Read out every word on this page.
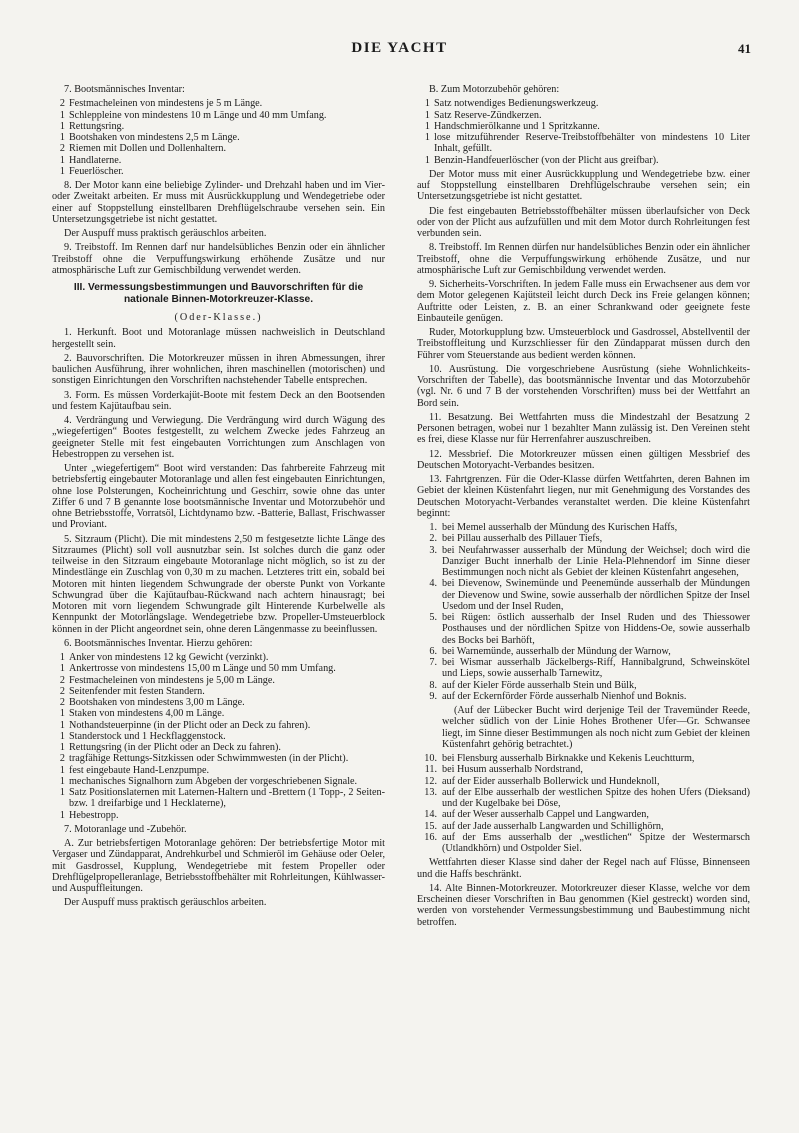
DIE YACHT	41

7. Bootsmännisches Inventar:

2 Festmacheleinen von mindestens je 5 m Länge.
1 Schleppleine von mindestens 10 m Länge und 40 mm Umfang.
1 Rettungsring.
1 Bootshaken von mindestens 2,5 m Länge.
2 Riemen mit Dollen und Dollenhaltern.
1 Handlaterne.
1 Feuerlöscher.

8. Der Motor kann eine beliebige Zylinder- und Drehzahl haben und im Vier- oder Zweitakt arbeiten. Er muss mit Ausrückkupplung und Wendegetriebe oder einer auf Stoppstellung einstellbaren Drehflügelschraube versehen sein. Ein Untersetzungsgetriebe ist nicht gestattet.

Der Auspuff muss praktisch geräuschlos arbeiten.

9. Treibstoff. Im Rennen darf nur handelsübliches Benzin oder ein ähnlicher Treibstoff ohne die Verpuffungswirkung erhöhende Zusätze und nur atmosphärische Luft zur Gemischbildung verwendet werden.

III. Vermessungsbestimmungen und Bauvorschriften für die nationale Binnen-Motorkreuzer-Klasse.

(Oder-Klasse.)

1. Herkunft. Boot und Motoranlage müssen nachweislich in Deutschland hergestellt sein.

2. Bauvorschriften. Die Motorkreuzer müssen in ihren Abmessungen, ihrer baulichen Ausführung, ihrer wohnlichen, ihren maschinellen (motorischen) und sonstigen Einrichtungen den Vorschriften nachstehender Tabelle entsprechen.

3. Form. Es müssen Vorderkajüt-Boote mit festem Deck an den Bootsenden und festem Kajütaufbau sein.

4. Verdrängung und Verwiegung. Die Verdrängung wird durch Wägung des „wiegefertigen“ Bootes festgestellt, zu welchem Zwecke jedes Fahrzeug an geeigneter Stelle mit fest eingebauten Vorrichtungen zum Anschlagen von Hebestroppen zu versehen ist.

Unter „wiegefertigem“ Boot wird verstanden: Das fahrbereite Fahrzeug mit betriebsfertig eingebauter Motoranlage und allen fest eingebauten Einrichtungen, ohne lose Polsterungen, Kocheinrichtung und Geschirr, sowie ohne das unter Ziffer 6 und 7 B genannte lose bootsmännische Inventar und Motorzubehör und ohne Betriebsstoffe, Vorratsöl, Lichtdynamo bzw. -Batterie, Ballast, Frischwasser und Proviant.

5. Sitzraum (Plicht). Die mit mindestens 2,50 m festgesetzte lichte Länge des Sitzraumes (Plicht) soll voll ausnutzbar sein. Ist solches durch die ganz oder teilweise in den Sitzraum eingebaute Motoranlage nicht möglich, so ist zu der Mindestlänge ein Zuschlag von 0,30 m zu machen. Letzteres tritt ein, sobald bei Motoren mit hinten liegendem Schwungrade der oberste Punkt von Vorkante Schwungrad über die Kajütaufbau-Rückwand nach achtern hinausragt; bei Motoren mit vorn liegendem Schwungrade gilt Hinterende Kurbelwelle als Kennpunkt der Motorlängslage. Wendegetriebe bzw. Propeller-Umsteuerblock können in der Plicht angeordnet sein, ohne deren Längenmasse zu beeinflussen.

6. Bootsmännisches Inventar. Hierzu gehören:

1 Anker von mindestens 12 kg Gewicht (verzinkt).
1 Ankertrosse von mindestens 15,00 m Länge und 50 mm Umfang.
2 Festmacheleinen von mindestens je 5,00 m Länge.
2 Seitenfender mit festen Standern.
2 Bootshaken von mindestens 3,00 m Länge.
1 Staken von mindestens 4,00 m Länge.
1 Nothandsteuerpinne (in der Plicht oder an Deck zu fahren).
1 Standerstock und 1 Heckflaggenstock.
1 Rettungsring (in der Plicht oder an Deck zu fahren).
2 tragfähige Rettungs-Sitzkissen oder Schwimmwesten (in der Plicht).
1 fest eingebaute Hand-Lenzpumpe.
1 mechanisches Signalhorn zum Abgeben der vorgeschriebenen Signale.
1 Satz Positionslaternen mit Laternen-Haltern und -Brettern (1 Topp-, 2 Seiten- bzw. 1 dreifarbige und 1 Hecklaterne),
1 Hebestropp.

7. Motoranlage und -Zubehör.

A. Zur betriebsfertigen Motoranlage gehören: Der betriebsfertige Motor mit Vergaser und Zündapparat, Andrehkurbel und Schmieröl im Gehäuse oder Oeler, mit Gasdrossel, Kupplung, Wendegetriebe mit festem Propeller oder Drehflügelpropelleranlage, Betriebsstoffbehälter mit Rohrleitungen, Kühlwasser- und Auspuffleitungen.

Der Auspuff muss praktisch geräuschlos arbeiten.

B. Zum Motorzubehör gehören:

1 Satz notwendiges Bedienungswerkzeug.
1 Satz Reserve-Zündkerzen.
1 Handschmierölkanne und 1 Spritzkanne.
1 lose mitzuführender Reserve-Treibstoffbehälter von mindestens 10 Liter Inhalt, gefüllt.
1 Benzin-Handfeuerlöscher (von der Plicht aus greifbar).

Der Motor muss mit einer Ausrückkupplung und Wendegetriebe bzw. einer auf Stoppstellung einstellbaren Drehflügelschraube versehen sein; ein Untersetzungsgetriebe ist nicht gestattet.

Die fest eingebauten Betriebsstoffbehälter müssen überlaufsicher von Deck oder von der Plicht aus aufzufüllen und mit dem Motor durch Rohrleitungen fest verbunden sein.

8. Treibstoff. Im Rennen dürfen nur handelsübliches Benzin oder ein ähnlicher Treibstoff, ohne die Verpuffungswirkung erhöhende Zusätze, und nur atmosphärische Luft zur Gemischbildung verwendet werden.

9. Sicherheits-Vorschriften. In jedem Falle muss ein Erwachsener aus dem vor dem Motor gelegenen Kajütsteil leicht durch Deck ins Freie gelangen können; Auftritte oder Leisten, z. B. an einer Schrankwand oder geeignete feste Einbauteile genügen.

Ruder, Motorkupplung bzw. Umsteuerblock und Gasdrossel, Abstellventil der Treibstoffleitung und Kurzschliesser für den Zündapparat müssen durch den Führer vom Steuerstande aus bedient werden können.

10. Ausrüstung. Die vorgeschriebene Ausrüstung (siehe Wohnlichkeits-Vorschriften der Tabelle), das bootsmännische Inventar und das Motorzubehör (vgl. Nr. 6 und 7 B der vorstehenden Vorschriften) muss bei der Wettfahrt an Bord sein.

11. Besatzung. Bei Wettfahrten muss die Mindestzahl der Besatzung 2 Personen betragen, wobei nur 1 bezahlter Mann zulässig ist. Den Vereinen steht es frei, diese Klasse nur für Herrenfahrer auszuschreiben.

12. Messbrief. Die Motorkreuzer müssen einen gültigen Messbrief des Deutschen Motoryacht-Verbandes besitzen.

13. Fahrtgrenzen. Für die Oder-Klasse dürfen Wettfahrten, deren Bahnen im Gebiet der kleinen Küstenfahrt liegen, nur mit Genehmigung des Vorstandes des Deutschen Motoryacht-Verbandes veranstaltet werden. Die kleine Küstenfahrt beginnt:

1. bei Memel ausserhalb der Mündung des Kurischen Haffs,
2. bei Pillau ausserhalb des Pillauer Tiefs,
3. bei Neufahrwasser ausserhalb der Mündung der Weichsel; doch wird die Danziger Bucht innerhalb der Linie Hela-Plehnendorf im Sinne dieser Bestimmungen noch nicht als Gebiet der kleinen Küstenfahrt angesehen,
4. bei Dievenow, Swinemünde und Peenemünde ausserhalb der Mündungen der Dievenow und Swine, sowie ausserhalb der nördlichen Spitze der Insel Usedom und der Insel Ruden,
5. bei Rügen: östlich ausserhalb der Insel Ruden und des Thiessower Posthauses und der nördlichen Spitze von Hiddens-Oe, sowie ausserhalb des Bocks bei Barhöft,
6. bei Warnemünde, ausserhalb der Mündung der Warnow,
7. bei Wismar ausserhalb Jäckelbergs-Riff, Hannibalgrund, Schweinskötel und Lieps, sowie ausserhalb Tarnewitz,
8. auf der Kieler Förde ausserhalb Stein und Bülk,
9. auf der Eckernförder Förde ausserhalb Nienhof und Boknis.

(Auf der Lübecker Bucht wird derjenige Teil der Travemünder Reede, welcher südlich von der Linie Hohes Brothener Ufer—Gr. Schwansee liegt, im Sinne dieser Bestimmungen als noch nicht zum Gebiet der kleinen Küstenfahrt gehörig betrachtet.)

10. bei Flensburg ausserhalb Birknakke und Kekenis Leuchtturm,
11. bei Husum ausserhalb Nordstrand,
12. auf der Eider ausserhalb Bollerwick und Hundeknoll,
13. auf der Elbe ausserhalb der westlichen Spitze des hohen Ufers (Dieksand) und der Kugelbake bei Döse,
14. auf der Weser ausserhalb Cappel und Langwarden,
15. auf der Jade ausserhalb Langwarden und Schillighörn,
16. auf der Ems ausserhalb der „westlichen“ Spitze der Westermarsch (Utlandkhörn) und Ostpolder Siel.

Wettfahrten dieser Klasse sind daher der Regel nach auf Flüsse, Binnenseen und die Haffs beschränkt.

14. Alte Binnen-Motorkreuzer. Motorkreuzer dieser Klasse, welche vor dem Erscheinen dieser Vorschriften in Bau genommen (Kiel gestreckt) worden sind, werden von vorstehender Vermessungsbestimmung und Baubestimmung nicht betroffen.
